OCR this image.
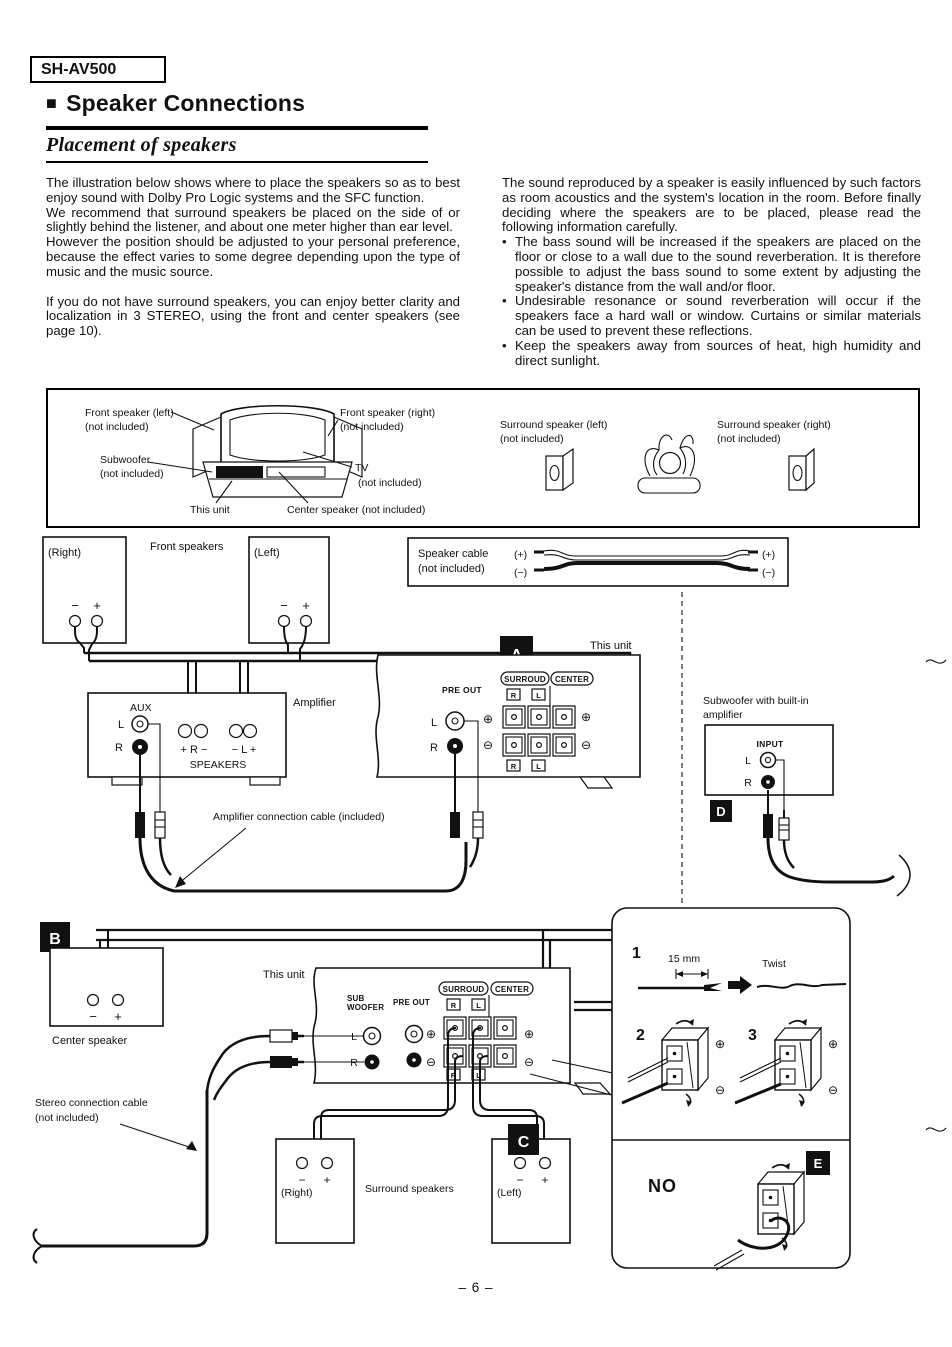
SH-AV500
■ Speaker Connections
Placement of speakers

The illustration below shows where to place the speakers so as to best enjoy sound with Dolby Pro Logic systems and the SFC function.

We recommend that surround speakers be placed on the side of or slightly behind the listener, and about one meter higher than ear level.

However the position should be adjusted to your personal preference, because the effect varies to some degree depending upon the type of music and the music source.

If you do not have surround speakers, you can enjoy better clarity and localization in 3 STEREO, using the front and center speakers (see page 10).

The sound reproduced by a speaker is easily influenced by such factors as room acoustics and the system's location in the room. Before finally deciding where the speakers are to be placed, please read the following information carefully.

• The bass sound will be increased if the speakers are placed on the floor or close to a wall due to the sound reverberation. It is therefore possible to adjust the bass sound to some extent by adjusting the speaker's distance from the wall and/or floor.

• Undesirable resonance or sound reverberation will occur if the speakers face a hard wall or window. Curtains or similar materials can be used to prevent these reflections.

• Keep the speakers away from sources of heat, high humidity and direct sunlight.

Front speaker (left)
(not included)
Front speaker (right)
(not included)
Subwoofer
(not included)	TV
(not included)
This unit	Center speaker (not included)
Surround speaker (left)
(not included)
Surround speaker (right)
(not included)
(Right)
− +
Front speakers	(Left)
− +
Speaker cable
(not included)
(+)
(−)
(+)
(−)
AUX
L
R	+ R − − L +
SPEAKERS
Amplifier
PRE OUT
L
R
⊕
⊖
⊕
⊖
SURROUD CENTER
R	L
R	L
This unit
Subwoofer with built-in
amplifier
INPUT
L
R
D
Amplifier connection cable (included)
B
− +
Center speaker
This unit
SUB
WOOFER
PRE OUT
L
R
⊕
⊖
⊕
⊖
SURROUD CENTER
R	L
R	L
Stereo connection cable
(not included)
− +
(Right)
− +
(Left)
C
Surround speakers
1	15 mm	Twist
2	3
⊕
⊖
⊕
⊖
NO
E
– 6 –
